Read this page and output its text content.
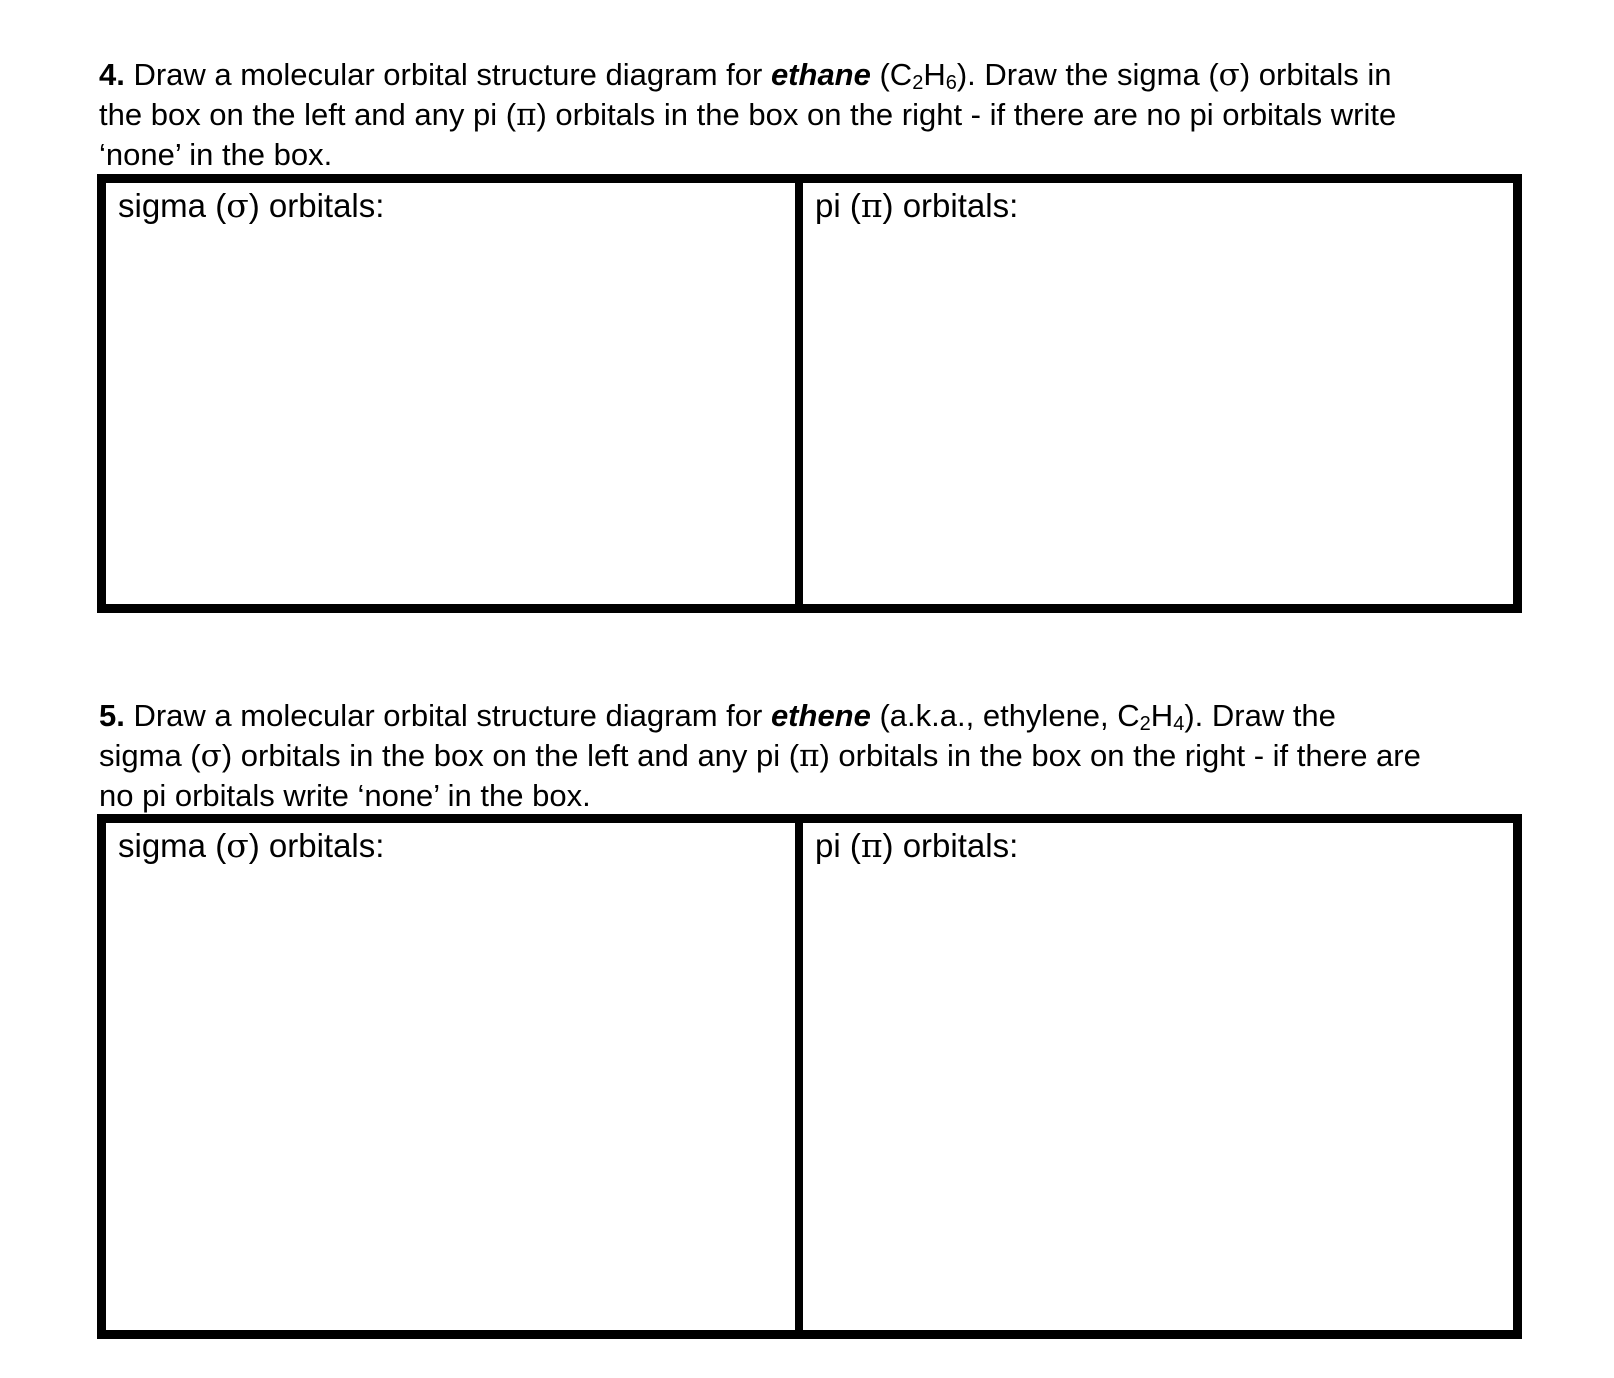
4. Draw a molecular orbital structure diagram for ethane $(C_2H_6)$. Draw the sigma (σ) orbitals in

the box on the left and any pi (π) orbitals in the box on the right - if there are no pi orbitals write

‘none’ in the box.

sigma (σ) orbitals:	pi (π) orbitals:

5. Draw a molecular orbital structure diagram for ethene (a.k.a., ethylene, $C_2H_4$). Draw the

sigma (σ) orbitals in the box on the left and any pi (π) orbitals in the box on the right - if there are

no pi orbitals write ‘none’ in the box.

sigma (σ) orbitals:	pi (π) orbitals:
